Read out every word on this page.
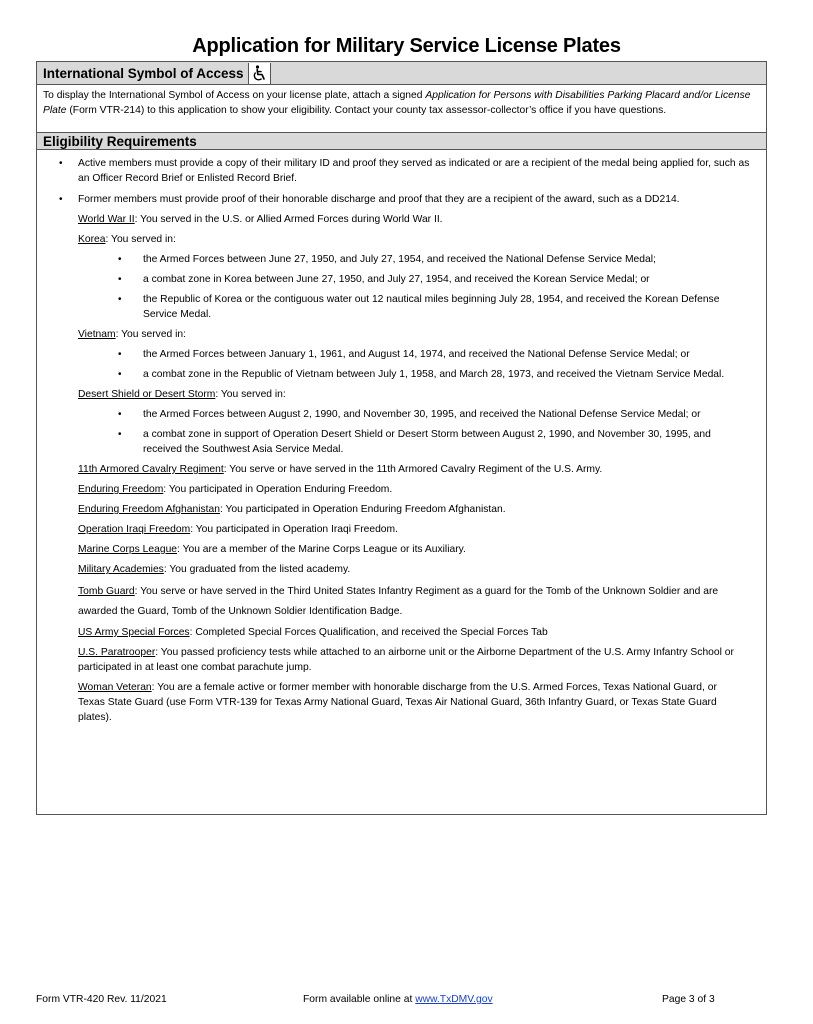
Application for Military Service License Plates
International Symbol of Access
To display the International Symbol of Access on your license plate, attach a signed Application for Persons with Disabilities Parking Placard and/or License Plate (Form VTR-214) to this application to show your eligibility. Contact your county tax assessor-collector’s office if you have questions.
Eligibility Requirements
• Active members must provide a copy of their military ID and proof they served as indicated or are a recipient of the medal being applied for, such as an Officer Record Brief or Enlisted Record Brief.
• Former members must provide proof of their honorable discharge and proof that they are a recipient of the award, such as a DD214.
World War II: You served in the U.S. or Allied Armed Forces during World War II.
Korea: You served in:
• the Armed Forces between June 27, 1950, and July 27, 1954, and received the National Defense Service Medal;
• a combat zone in Korea between June 27, 1950, and July 27, 1954, and received the Korean Service Medal; or
• the Republic of Korea or the contiguous water out 12 nautical miles beginning July 28, 1954, and received the Korean Defense Service Medal.
Vietnam: You served in:
• the Armed Forces between January 1, 1961, and August 14, 1974, and received the National Defense Service Medal; or
• a combat zone in the Republic of Vietnam between July 1, 1958, and March 28, 1973, and received the Vietnam Service Medal.
Desert Shield or Desert Storm: You served in:
• the Armed Forces between August 2, 1990, and November 30, 1995, and received the National Defense Service Medal; or
• a combat zone in support of Operation Desert Shield or Desert Storm between August 2, 1990, and November 30, 1995, and received the Southwest Asia Service Medal.
11th Armored Cavalry Regiment: You serve or have served in the 11th Armored Cavalry Regiment of the U.S. Army.
Enduring Freedom: You participated in Operation Enduring Freedom.
Enduring Freedom Afghanistan: You participated in Operation Enduring Freedom Afghanistan.
Operation Iraqi Freedom: You participated in Operation Iraqi Freedom.
Marine Corps League: You are a member of the Marine Corps League or its Auxiliary.
Military Academies: You graduated from the listed academy.
Tomb Guard: You serve or have served in the Third United States Infantry Regiment as a guard for the Tomb of the Unknown Soldier and are awarded the Guard, Tomb of the Unknown Soldier Identification Badge.
US Army Special Forces: Completed Special Forces Qualification, and received the Special Forces Tab
U.S. Paratrooper: You passed proficiency tests while attached to an airborne unit or the Airborne Department of the U.S. Army Infantry School or participated in at least one combat parachute jump.
Woman Veteran: You are a female active or former member with honorable discharge from the U.S. Armed Forces, Texas National Guard, or Texas State Guard (use Form VTR-139 for Texas Army National Guard, Texas Air National Guard, 36th Infantry Guard, or Texas State Guard plates).
Form VTR-420 Rev. 11/2021	Form available online at www.TxDMV.gov	Page 3 of 3
